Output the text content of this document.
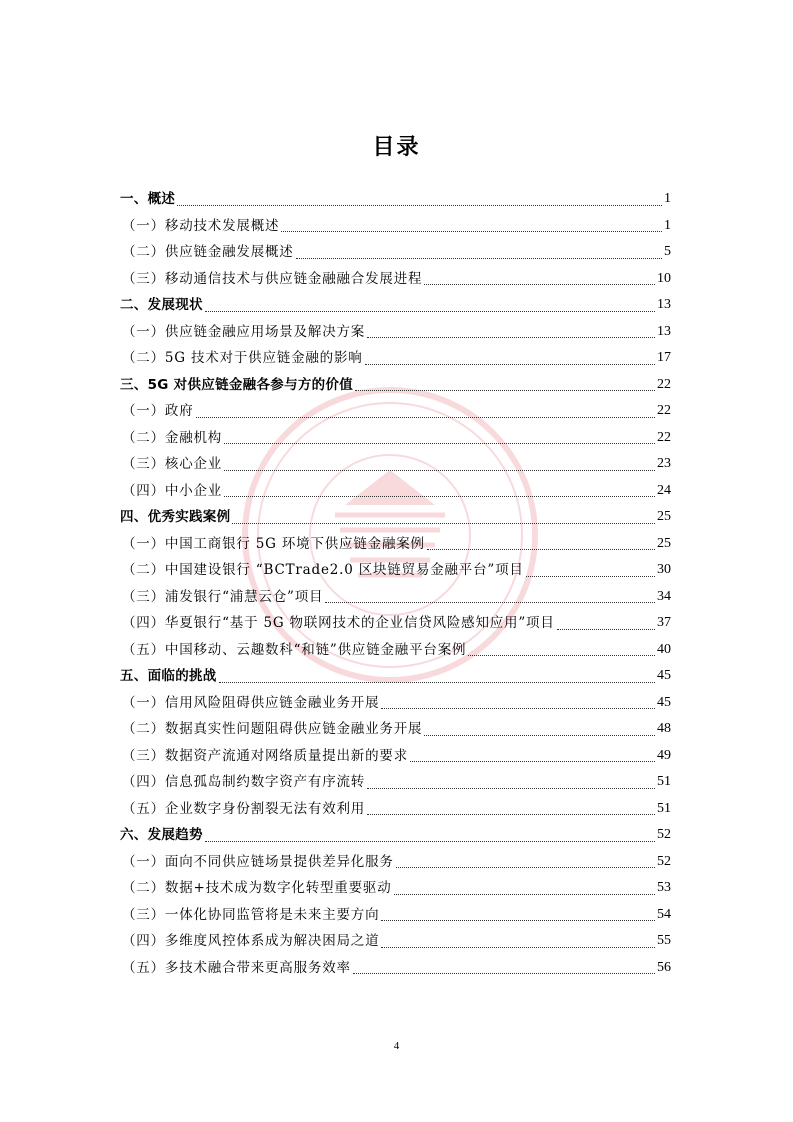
目录
一、概述	1
（一）移动技术发展概述	1
（二）供应链金融发展概述	5
（三）移动通信技术与供应链金融融合发展进程	10
二、发展现状	13
（一）供应链金融应用场景及解决方案	13
（二）5G 技术对于供应链金融的影响	17
三、5G 对供应链金融各参与方的价值	22
（一）政府	22
（二）金融机构	22
（三）核心企业	23
（四）中小企业	24
四、优秀实践案例	25
（一）中国工商银行 5G 环境下供应链金融案例	25
（二）中国建设银行 “BCTrade2.0 区块链贸易金融平台”项目	30
（三）浦发银行“浦慧云仓”项目	34
（四）华夏银行“基于 5G 物联网技术的企业信贷风险感知应用”项目	37
（五）中国移动、云趣数科“和链”供应链金融平台案例	40
五、面临的挑战	45
（一）信用风险阻碍供应链金融业务开展	45
（二）数据真实性问题阻碍供应链金融业务开展	48
（三）数据资产流通对网络质量提出新的要求	49
（四）信息孤岛制约数字资产有序流转	51
（五）企业数字身份割裂无法有效利用	51
六、发展趋势	52
（一）面向不同供应链场景提供差异化服务	52
（二）数据+技术成为数字化转型重要驱动	53
（三）一体化协同监管将是未来主要方向	54
（四）多维度风控体系成为解决困局之道	55
（五）多技术融合带来更高服务效率	56
4
